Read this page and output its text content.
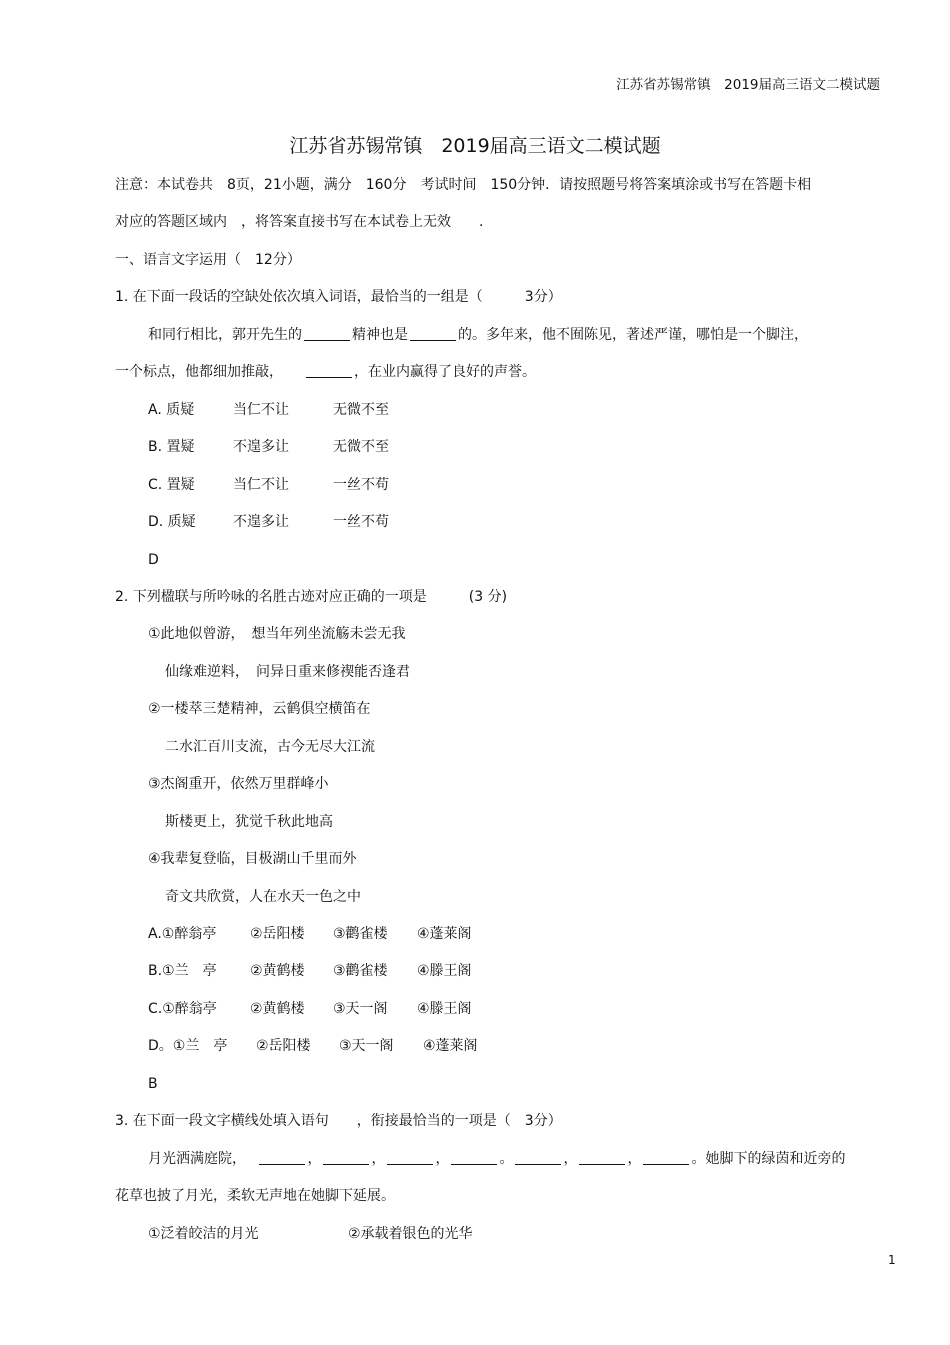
江苏省苏锡常镇　2019届高三语文二模试题
江苏省苏锡常镇　2019届高三语文二模试题
注意：本试卷共　8页，21小题，满分　160分　考试时间　150分钟．请按照题号将答案填涂或书写在答题卡相
对应的答题区域内　，将答案直接书写在本试卷上无效　　.
一、语言文字运用（　12分）
1. 在下面一段话的空缺处依次填入词语，最恰当的一组是（　　　3分）
和同行相比，郭开先生的	精神也是	的。多年来，他不囿陈见，著述严谨，哪怕是一个脚注，
一个标点，他都细加推敲，　　	，在业内赢得了良好的声誉。
A. 质疑	当仁不让	无微不至
B. 置疑	不遑多让	无微不至
C. 置疑	当仁不让	一丝不苟
D. 质疑	不遑多让	一丝不苟
D
2. 下列楹联与所吟咏的名胜古迹对应正确的一项是　　　(3 分)
①此地似曾游，　想当年列坐流觞未尝无我
仙缘难逆料，　问异日重来修禊能否逢君
②一楼萃三楚精神，云鹤俱空横笛在
二水汇百川支流，古今无尽大江流
③杰阁重开，依然万里群峰小
斯楼更上，犹觉千秋此地高
④我辈复登临，目极湖山千里而外
奇文共欣赏，人在水天一色之中
A.①醉翁亭 ②岳阳楼 ③鹳雀楼 ④蓬莱阁
B.①兰　亭 ②黄鹤楼 ③鹳雀楼 ④滕王阁
C.①醉翁亭 ②黄鹤楼 ③天一阁 ④滕王阁
D。①兰　亭 ②岳阳楼 ③天一阁 ④蓬莱阁
B
3. 在下面一段文字横线处填入语句　　，衔接最恰当的一项是（　3分）
月光洒满庭院，　	，	，	，	。	，	，	。她脚下的绿茵和近旁的
花草也披了月光，柔软无声地在她脚下延展。
①泛着皎洁的月光	②承载着银色的光华
1
